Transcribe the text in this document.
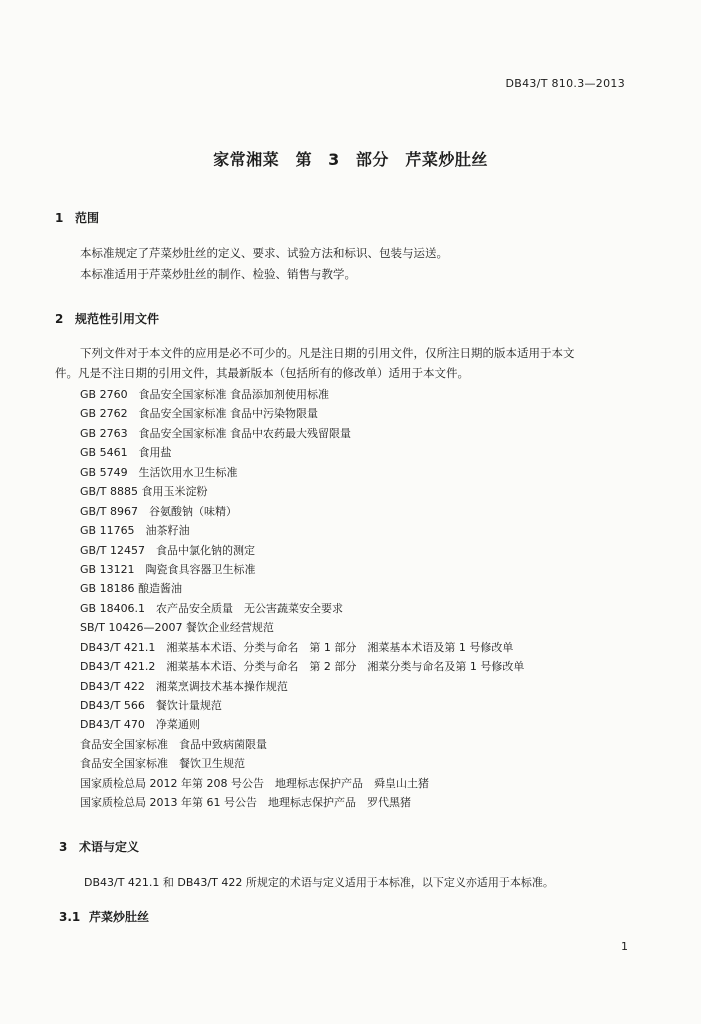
DB43/T 810.3—2013
家常湘菜　第 3 部分　芹菜炒肚丝
1 范围
本标准规定了芹菜炒肚丝的定义、要求、试验方法和标识、包装与运送。
本标准适用于芹菜炒肚丝的制作、检验、销售与教学。
2 规范性引用文件
下列文件对于本文件的应用是必不可少的。凡是注日期的引用文件，仅所注日期的版本适用于本文
件。凡是不注日期的引用文件，其最新版本（包括所有的修改单）适用于本文件。
GB 2760　食品安全国家标准 食品添加剂使用标准
GB 2762　食品安全国家标准 食品中污染物限量
GB 2763　食品安全国家标准 食品中农药最大残留限量
GB 5461　食用盐
GB 5749　生活饮用水卫生标准
GB/T 8885 食用玉米淀粉
GB/T 8967　谷氨酸钠（味精）
GB 11765　油茶籽油
GB/T 12457　食品中氯化钠的测定
GB 13121　陶瓷食具容器卫生标准
GB 18186 酿造酱油
GB 18406.1　农产品安全质量　无公害蔬菜安全要求
SB/T 10426—2007 餐饮企业经营规范
DB43/T 421.1　湘菜基本术语、分类与命名　第 1 部分　湘菜基本术语及第 1 号修改单
DB43/T 421.2　湘菜基本术语、分类与命名　第 2 部分　湘菜分类与命名及第 1 号修改单
DB43/T 422　湘菜烹调技术基本操作规范
DB43/T 566　餐饮计量规范
DB43/T 470　净菜通则
食品安全国家标准　食品中致病菌限量
食品安全国家标准　餐饮卫生规范
国家质检总局 2012 年第 208 号公告　地理标志保护产品　舜皇山土猪
国家质检总局 2013 年第 61 号公告　地理标志保护产品　罗代黑猪
3 术语与定义
DB43/T 421.1 和 DB43/T 422 所规定的术语与定义适用于本标准，以下定义亦适用于本标准。
3.1 芹菜炒肚丝
1
